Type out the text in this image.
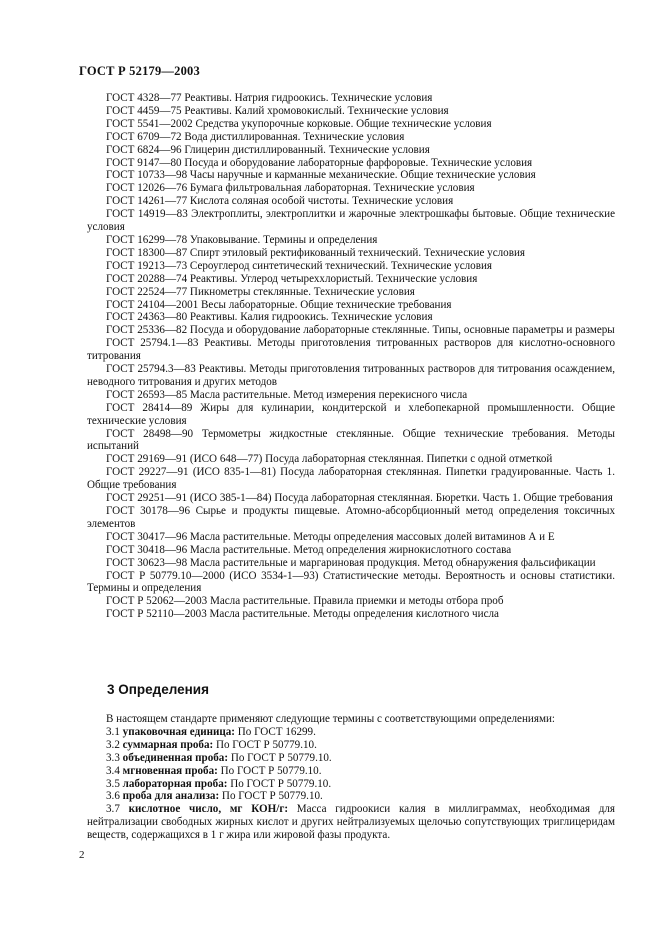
ГОСТ Р 52179—2003
ГОСТ 4328—77 Реактивы. Натрия гидроокись. Технические условия
ГОСТ 4459—75 Реактивы. Калий хромовокислый. Технические условия
ГОСТ 5541—2002 Средства укупорочные корковые. Общие технические условия
ГОСТ 6709—72 Вода дистиллированная. Технические условия
ГОСТ 6824—96 Глицерин дистиллированный. Технические условия
ГОСТ 9147—80 Посуда и оборудование лабораторные фарфоровые. Технические условия
ГОСТ 10733—98 Часы наручные и карманные механические. Общие технические условия
ГОСТ 12026—76 Бумага фильтровальная лабораторная. Технические условия
ГОСТ 14261—77 Кислота соляная особой чистоты. Технические условия
ГОСТ 14919—83 Электроплиты, электроплитки и жарочные электрошкафы бытовые. Общие технические условия
ГОСТ 16299—78 Упаковывание. Термины и определения
ГОСТ 18300—87 Спирт этиловый ректификованный технический. Технические условия
ГОСТ 19213—73 Сероуглерод синтетический технический. Технические условия
ГОСТ 20288—74 Реактивы. Углерод четыреххлористый. Технические условия
ГОСТ 22524—77 Пикнометры стеклянные. Технические условия
ГОСТ 24104—2001 Весы лабораторные. Общие технические требования
ГОСТ 24363—80 Реактивы. Калия гидроокись. Технические условия
ГОСТ 25336—82 Посуда и оборудование лабораторные стеклянные. Типы, основные параметры и размеры
ГОСТ 25794.1—83 Реактивы. Методы приготовления титрованных растворов для кислотно-основного титрования
ГОСТ 25794.3—83 Реактивы. Методы приготовления титрованных растворов для титрования осаждением, неводного титрования и других методов
ГОСТ 26593—85 Масла растительные. Метод измерения перекисного числа
ГОСТ 28414—89 Жиры для кулинарии, кондитерской и хлебопекарной промышленности. Общие технические условия
ГОСТ 28498—90 Термометры жидкостные стеклянные. Общие технические требования. Методы испытаний
ГОСТ 29169—91 (ИСО 648—77) Посуда лабораторная стеклянная. Пипетки с одной отметкой
ГОСТ 29227—91 (ИСО 835-1—81) Посуда лабораторная стеклянная. Пипетки градуированные. Часть 1. Общие требования
ГОСТ 29251—91 (ИСО 385-1—84) Посуда лабораторная стеклянная. Бюретки. Часть 1. Общие требования
ГОСТ 30178—96 Сырье и продукты пищевые. Атомно-абсорбционный метод определения токсичных элементов
ГОСТ 30417—96 Масла растительные. Методы определения массовых долей витаминов А и Е
ГОСТ 30418—96 Масла растительные. Метод определения жирнокислотного состава
ГОСТ 30623—98 Масла растительные и маргариновая продукция. Метод обнаружения фальсификации
ГОСТ Р 50779.10—2000 (ИСО 3534-1—93) Статистические методы. Вероятность и основы статистики. Термины и определения
ГОСТ Р 52062—2003 Масла растительные. Правила приемки и методы отбора проб
ГОСТ Р 52110—2003 Масла растительные. Методы определения кислотного числа
3 Определения
В настоящем стандарте применяют следующие термины с соответствующими определениями:
3.1 упаковочная единица: По ГОСТ 16299.
3.2 суммарная проба: По ГОСТ Р 50779.10.
3.3 объединенная проба: По ГОСТ Р 50779.10.
3.4 мгновенная проба: По ГОСТ Р 50779.10.
3.5 лабораторная проба: По ГОСТ Р 50779.10.
3.6 проба для анализа: По ГОСТ Р 50779.10.
3.7 кислотное число, мг КОН/г: Масса гидроокиси калия в миллиграммах, необходимая для нейтрализации свободных жирных кислот и других нейтрализуемых щелочью сопутствующих триглицеридам веществ, содержащихся в 1 г жира или жировой фазы продукта.
2
